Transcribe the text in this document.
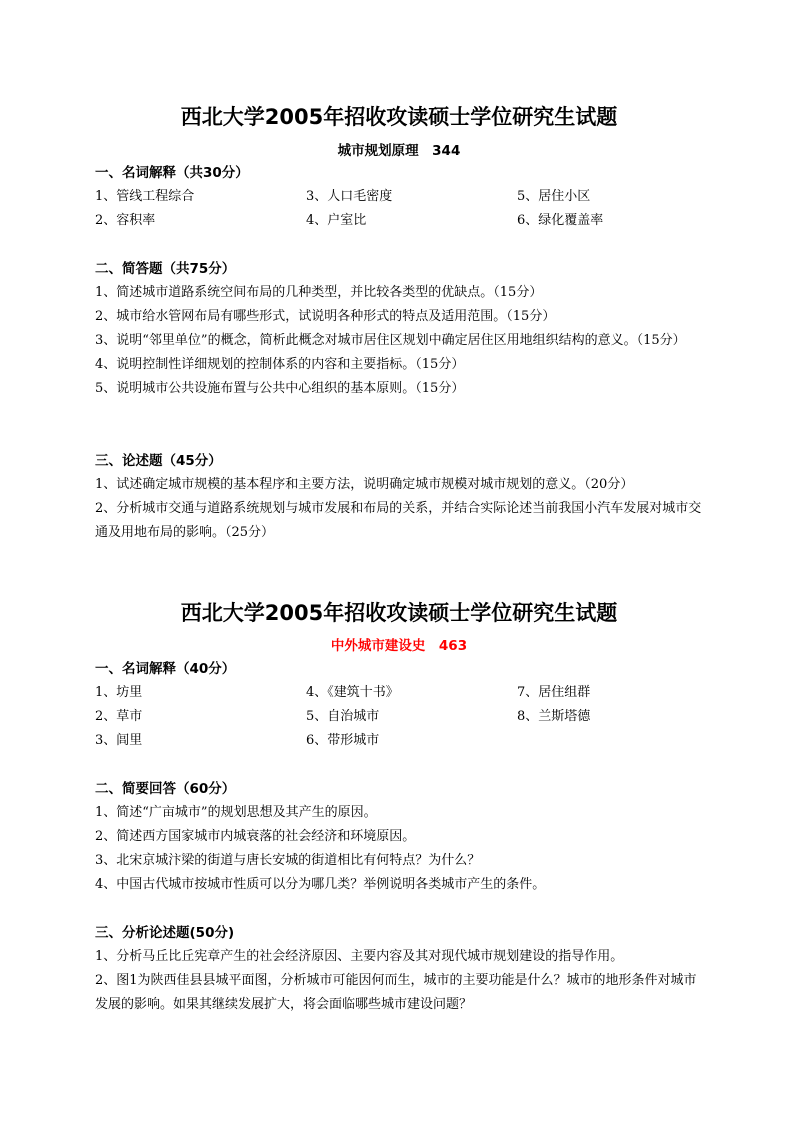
西北大学2005年招收攻读硕士学位研究生试题
城市规划原理　344
一、名词解释（共30分）
1、管线工程综合	3、人口毛密度	5、居住小区
2、容积率	4、户室比	6、绿化覆盖率
二、简答题（共75分）
1、简述城市道路系统空间布局的几种类型，并比较各类型的优缺点。（15分）
2、城市给水管网布局有哪些形式，试说明各种形式的特点及适用范围。（15分）
3、说明“邻里单位”的概念，简析此概念对城市居住区规划中确定居住区用地组织结构的意义。（15分）
4、说明控制性详细规划的控制体系的内容和主要指标。（15分）
5、说明城市公共设施布置与公共中心组织的基本原则。（15分）
三、论述题（45分）
1、试述确定城市规模的基本程序和主要方法，说明确定城市规模对城市规划的意义。（20分）
2、分析城市交通与道路系统规划与城市发展和布局的关系，并结合实际论述当前我国小汽车发展对城市交通及用地布局的影响。（25分）
西北大学2005年招收攻读硕士学位研究生试题
中外城市建设史　463
一、名词解释（40分）
1、坊里	4、《建筑十书》	7、居住组群
2、草市	5、自治城市	8、兰斯塔德
3、闾里	6、带形城市
二、简要回答（60分）
1、简述“广亩城市”的规划思想及其产生的原因。
2、简述西方国家城市内城衰落的社会经济和环境原因。
3、北宋京城汴梁的街道与唐长安城的街道相比有何特点？为什么？
4、中国古代城市按城市性质可以分为哪几类？举例说明各类城市产生的条件。
三、分析论述题(50分)
1、分析马丘比丘宪章产生的社会经济原因、主要内容及其对现代城市规划建设的指导作用。
2、图1为陕西佳县县城平面图，分析城市可能因何而生，城市的主要功能是什么？城市的地形条件对城市发展的影响。如果其继续发展扩大，将会面临哪些城市建设问题？
